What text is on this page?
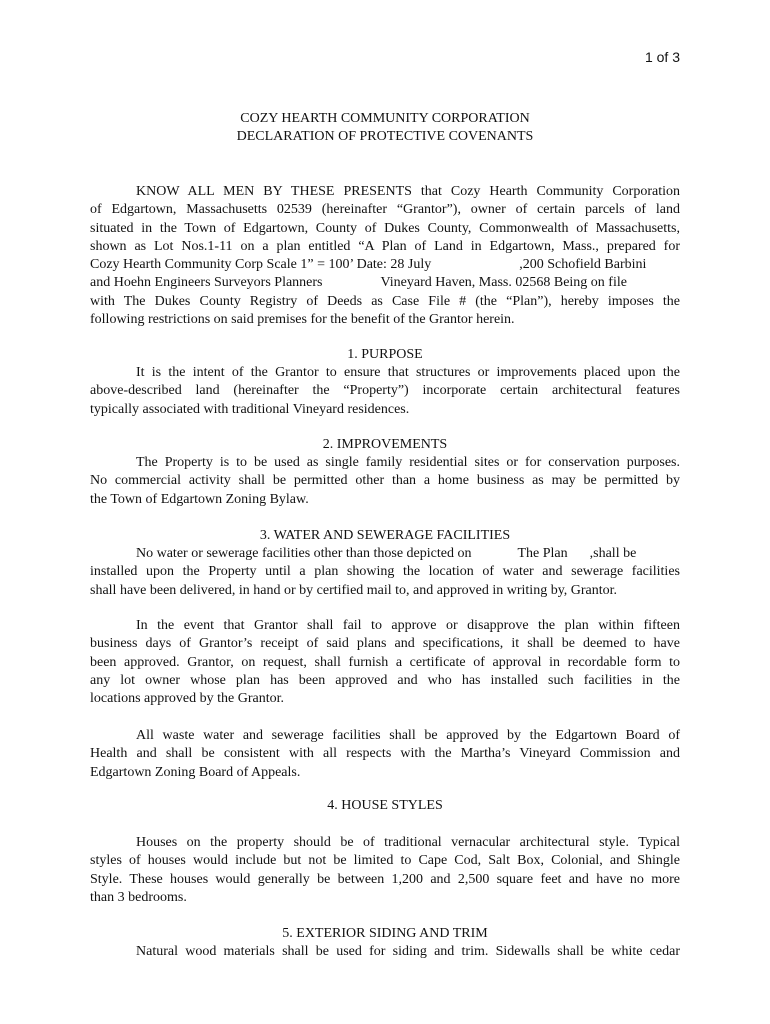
1 of 3
COZY HEARTH COMMUNITY CORPORATION
DECLARATION OF PROTECTIVE COVENANTS
KNOW ALL MEN BY THESE PRESENTS that Cozy Hearth Community Corporation
of Edgartown, Massachusetts 02539 (hereinafter “Grantor”), owner of certain parcels of land
situated in the Town of Edgartown, County of Dukes County, Commonwealth of Massachusetts,
shown as Lot Nos.1-11 on a plan entitled “A Plan of Land in Edgartown, Mass., prepared for
Cozy Hearth Community Corp Scale 1” = 100’ Date: 28 July	,200 Schofield Barbini
and Hoehn Engineers Surveyors Planners	Vineyard Haven, Mass. 02568 Being on file
with The Dukes County Registry of Deeds as Case File # (the “Plan”), hereby imposes the
following restrictions on said premises for the benefit of the Grantor herein.
1. PURPOSE
It is the intent of the Grantor to ensure that structures or improvements placed upon the
above-described land (hereinafter the “Property”) incorporate certain architectural features
typically associated with traditional Vineyard residences.
2. IMPROVEMENTS
The Property is to be used as single family residential sites or for conservation purposes.
No commercial activity shall be permitted other than a home business as may be permitted by
the Town of Edgartown Zoning Bylaw.
3. WATER AND SEWERAGE FACILITIES
No water or sewerage facilities other than those depicted on	The Plan ,shall be
installed upon the Property until a plan showing the location of water and sewerage facilities
shall have been delivered, in hand or by certified mail to, and approved in writing by, Grantor.
In the event that Grantor shall fail to approve or disapprove the plan within fifteen
business days of Grantor’s receipt of said plans and specifications, it shall be deemed to have
been approved. Grantor, on request, shall furnish a certificate of approval in recordable form to
any lot owner whose plan has been approved and who has installed such facilities in the
locations approved by the Grantor.
All waste water and sewerage facilities shall be approved by the Edgartown Board of
Health and shall be consistent with all respects with the Martha’s Vineyard Commission and
Edgartown Zoning Board of Appeals.
4. HOUSE STYLES
Houses on the property should be of traditional vernacular architectural style. Typical
styles of houses would include but not be limited to Cape Cod, Salt Box, Colonial, and Shingle
Style. These houses would generally be between 1,200 and 2,500 square feet and have no more
than 3 bedrooms.
5. EXTERIOR SIDING AND TRIM
Natural wood materials shall be used for siding and trim. Sidewalls shall be white cedar
